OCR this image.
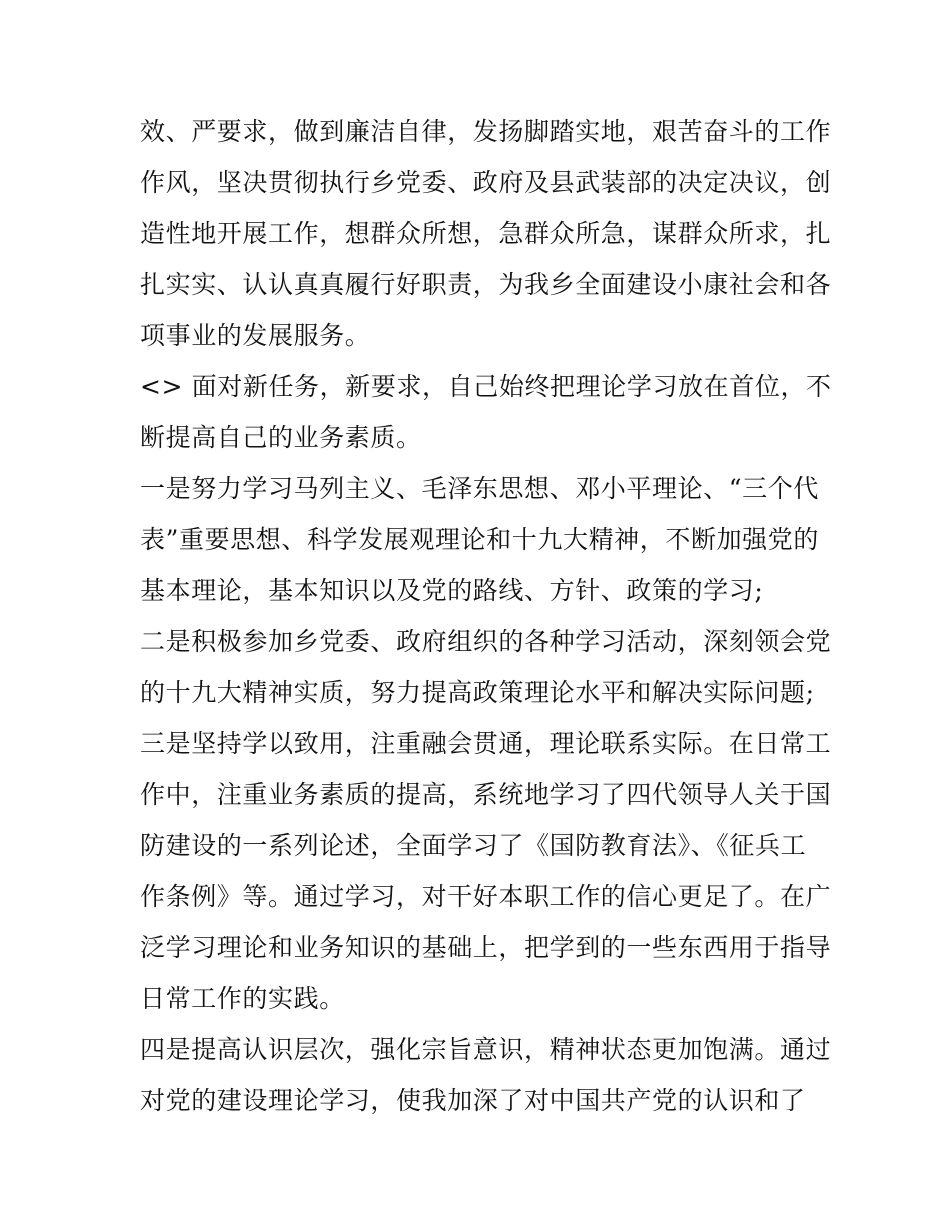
效、严要求，做到廉洁自律，发扬脚踏实地，艰苦奋斗的工作
作风，坚决贯彻执行乡党委、政府及县武装部的决定决议，创
造性地开展工作，想群众所想，急群众所急，谋群众所求，扎
扎实实、认认真真履行好职责，为我乡全面建设小康社会和各
项事业的发展服务。

<> 面对新任务，新要求，自己始终把理论学习放在首位，不
断提高自己的业务素质。

一是努力学习马列主义、毛泽东思想、邓小平理论、“三个代
表”重要思想、科学发展观理论和十九大精神，不断加强党的
基本理论，基本知识以及党的路线、方针、政策的学习;

二是积极参加乡党委、政府组织的各种学习活动，深刻领会党
的十九大精神实质，努力提高政策理论水平和解决实际问题;

三是坚持学以致用，注重融会贯通，理论联系实际。在日常工
作中，注重业务素质的提高，系统地学习了四代领导人关于国
防建设的一系列论述，全面学习了《国防教育法》、《征兵工
作条例》等。通过学习，对干好本职工作的信心更足了。在广
泛学习理论和业务知识的基础上，把学到的一些东西用于指导
日常工作的实践。

四是提高认识层次，强化宗旨意识，精神状态更加饱满。通过
对党的建设理论学习，使我加深了对中国共产党的认识和了
